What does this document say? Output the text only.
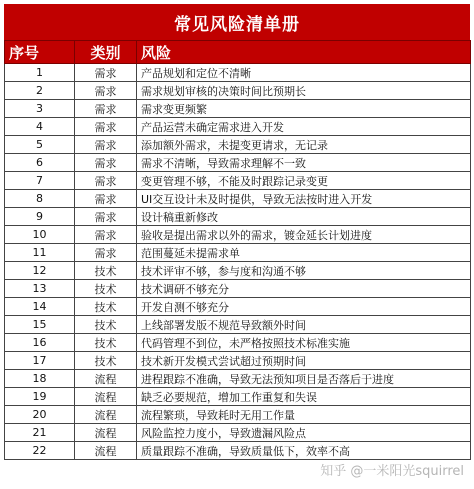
常见风险清单册
序号	类别	风险
1	需求	产品规划和定位不清晰
2	需求	需求规划审核的决策时间比预期长
3	需求	需求变更频繁
4	需求	产品运营未确定需求进入开发
5	需求	添加额外需求，未提变更请求，无记录
6	需求	需求不清晰，导致需求理解不一致
7	需求	变更管理不够，不能及时跟踪记录变更
8	需求	UI交互设计未及时提供，导致无法按时进入开发
9	需求	设计稿重新修改
10	需求	验收是提出需求以外的需求，镀金延长计划进度
11	需求	范围蔓延未提需求单
12	技术	技术评审不够，参与度和沟通不够
13	技术	技术调研不够充分
14	技术	开发自测不够充分
15	技术	上线部署发版不规范导致额外时间
16	技术	代码管理不到位，未严格按照技术标准实施
17	技术	技术新开发模式尝试超过预期时间
18	流程	进程跟踪不准确，导致无法预知项目是否落后于进度
19	流程	缺乏必要规范，增加工作重复和失误
20	流程	流程繁琐，导致耗时无用工作量
21	流程	风险监控力度小，导致遗漏风险点
22	流程	质量跟踪不准确，导致质量低下，效率不高
知乎 @一米阳光squirrel
